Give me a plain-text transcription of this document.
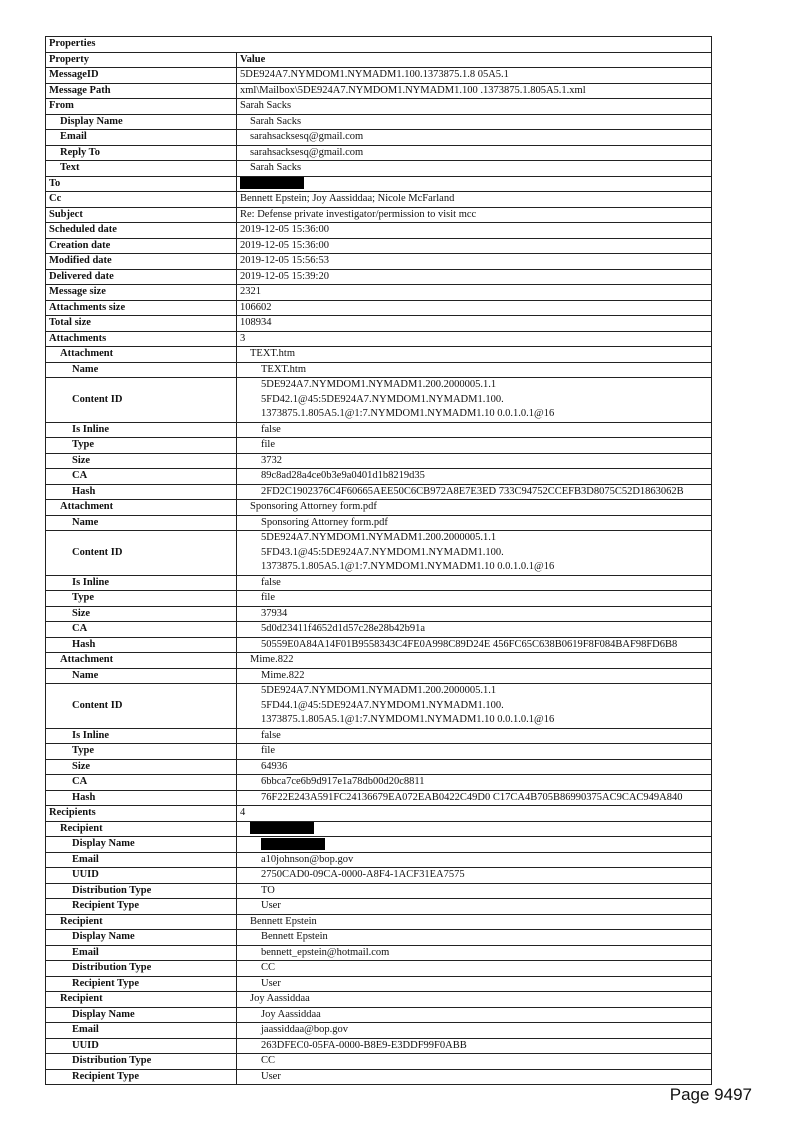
Properties	
Property	Value
MessageID	5DE924A7.NYMDOM1.NYMADM1.100.1373875.1.8 05A5.1

Message Path	xml\Mailbox\5DE924A7.NYMDOM1.NYMADM1.100 .1373875.1.805A5.1.xml

From	Sarah Sacks

Display Name	Sarah Sacks

Email	sarahsacksesq@gmail.com

Reply To	sarahsacksesq@gmail.com

Text	Sarah Sacks

To	
Cc	Bennett Epstein; Joy Aassiddaa; Nicole McFarland

Subject	Re: Defense private investigator/permission to visit mcc

Scheduled date	2019-12-05 15:36:00

Creation date	2019-12-05 15:36:00

Modified date	2019-12-05 15:56:53

Delivered date	2019-12-05 15:39:20

Message size	2321

Attachments size	106602

Total size	108934

Attachments	3

Attachment	TEXT.htm

Name	TEXT.htm

Content ID	5DE924A7.NYMDOM1.NYMADM1.200.2000005.1.1
5FD42.1@45:5DE924A7.NYMDOM1.NYMADM1.100.
1373875.1.805A5.1@1:7.NYMDOM1.NYMADM1.10 0.0.1.0.1@16

Is Inline	false

Type	file

Size	3732

CA	89c8ad28a4ce0b3e9a0401d1b8219d35

Hash	2FD2C1902376C4F60665AEE50C6CB972A8E7E3ED 733C94752CCEFB3D8075C52D1863062B

Attachment	Sponsoring Attorney form.pdf

Name	Sponsoring Attorney form.pdf

Content ID	5DE924A7.NYMDOM1.NYMADM1.200.2000005.1.1
5FD43.1@45:5DE924A7.NYMDOM1.NYMADM1.100.
1373875.1.805A5.1@1:7.NYMDOM1.NYMADM1.10 0.0.1.0.1@16

Is Inline	false

Type	file

Size	37934

CA	5d0d23411f4652d1d57c28e28b42b91a

Hash	50559E0A84A14F01B9558343C4FE0A998C89D24E 456FC65C638B0619F8F084BAF98FD6B8

Attachment	Mime.822

Name	Mime.822

Content ID	5DE924A7.NYMDOM1.NYMADM1.200.2000005.1.1
5FD44.1@45:5DE924A7.NYMDOM1.NYMADM1.100.
1373875.1.805A5.1@1:7.NYMDOM1.NYMADM1.10 0.0.1.0.1@16

Is Inline	false

Type	file

Size	64936

CA	6bbca7ce6b9d917e1a78db00d20c8811

Hash	76F22E243A591FC24136679EA072EAB0422C49D0 C17CA4B705B86990375AC9CAC949A840

Recipients	4

Recipient	
Display Name	
Email	a10johnson@bop.gov

UUID	2750CAD0-09CA-0000-A8F4-1ACF31EA7575

Distribution Type	TO

Recipient Type	User

Recipient	Bennett Epstein

Display Name	Bennett Epstein

Email	bennett_epstein@hotmail.com

Distribution Type	CC

Recipient Type	User

Recipient	Joy Aassiddaa

Display Name	Joy Aassiddaa

Email	jaassiddaa@bop.gov

UUID	263DFEC0-05FA-0000-B8E9-E3DDF99F0ABB

Distribution Type	CC

Recipient Type	User
Page 9497
